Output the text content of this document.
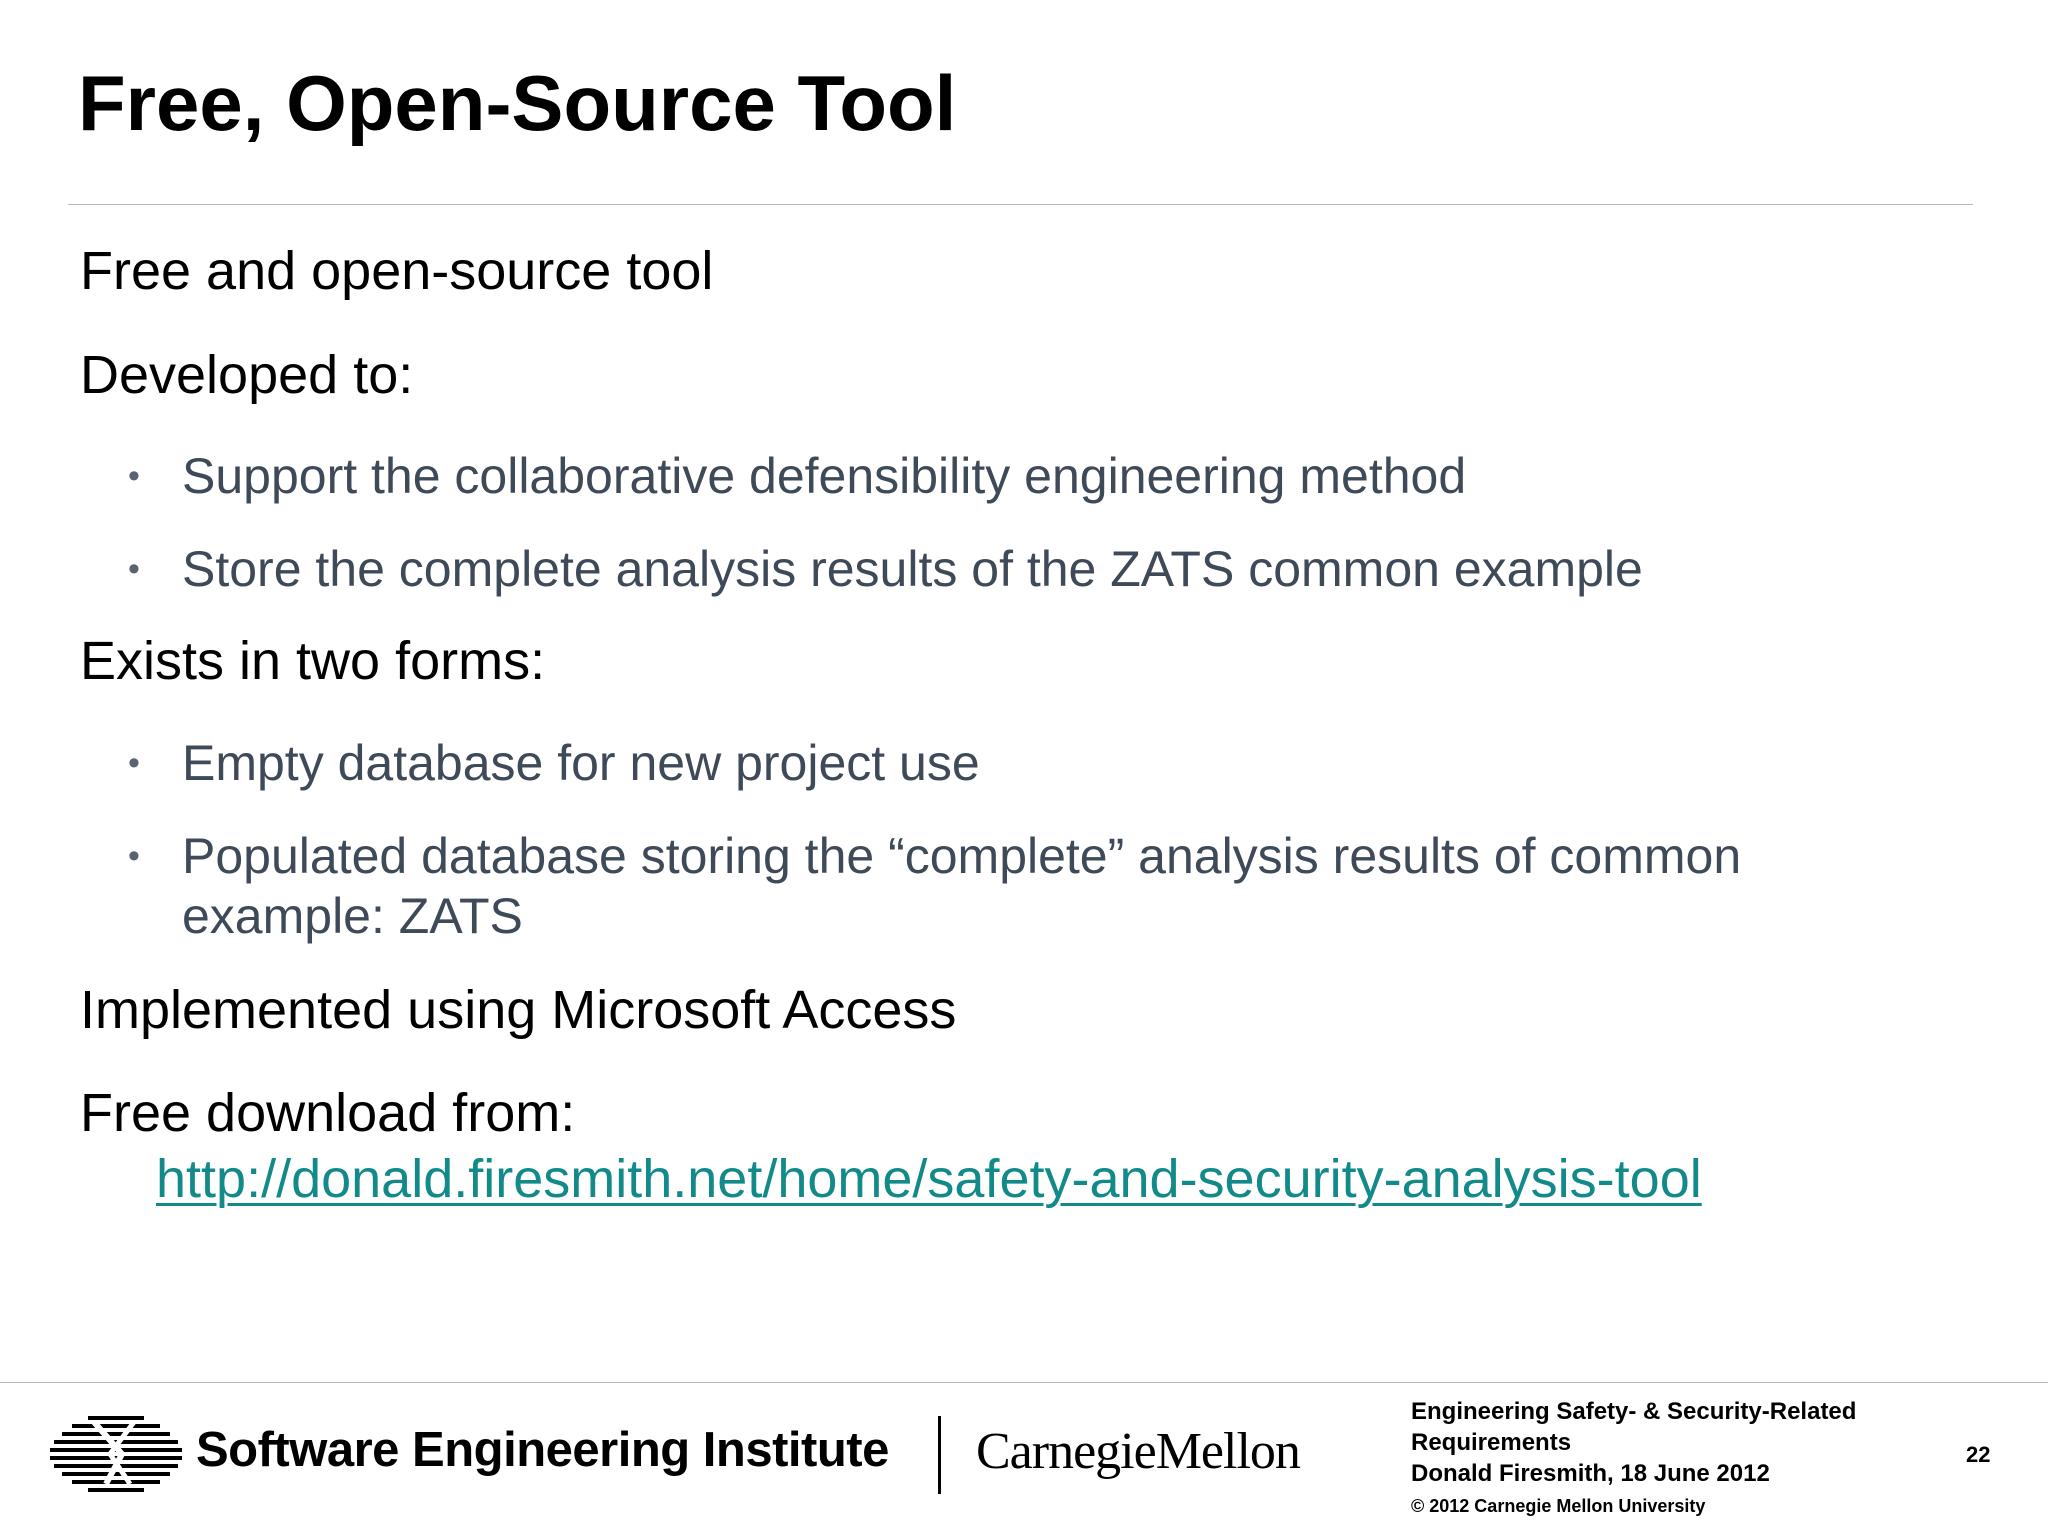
Free, Open-Source Tool
Free and open-source tool
Developed to:
• Support the collaborative defensibility engineering method
• Store the complete analysis results of the ZATS common example
Exists in two forms:
• Empty database for new project use
• Populated database storing the “complete” analysis results of common
example: ZATS
Implemented using Microsoft Access
Free download from:
http://donald.firesmith.net/home/safety-and-security-analysis-tool
Software Engineering Institute CarnegieMellon
Engineering Safety- & Security-Related
Requirements
Donald Firesmith, 18 June 2012
© 2012 Carnegie Mellon University
22
